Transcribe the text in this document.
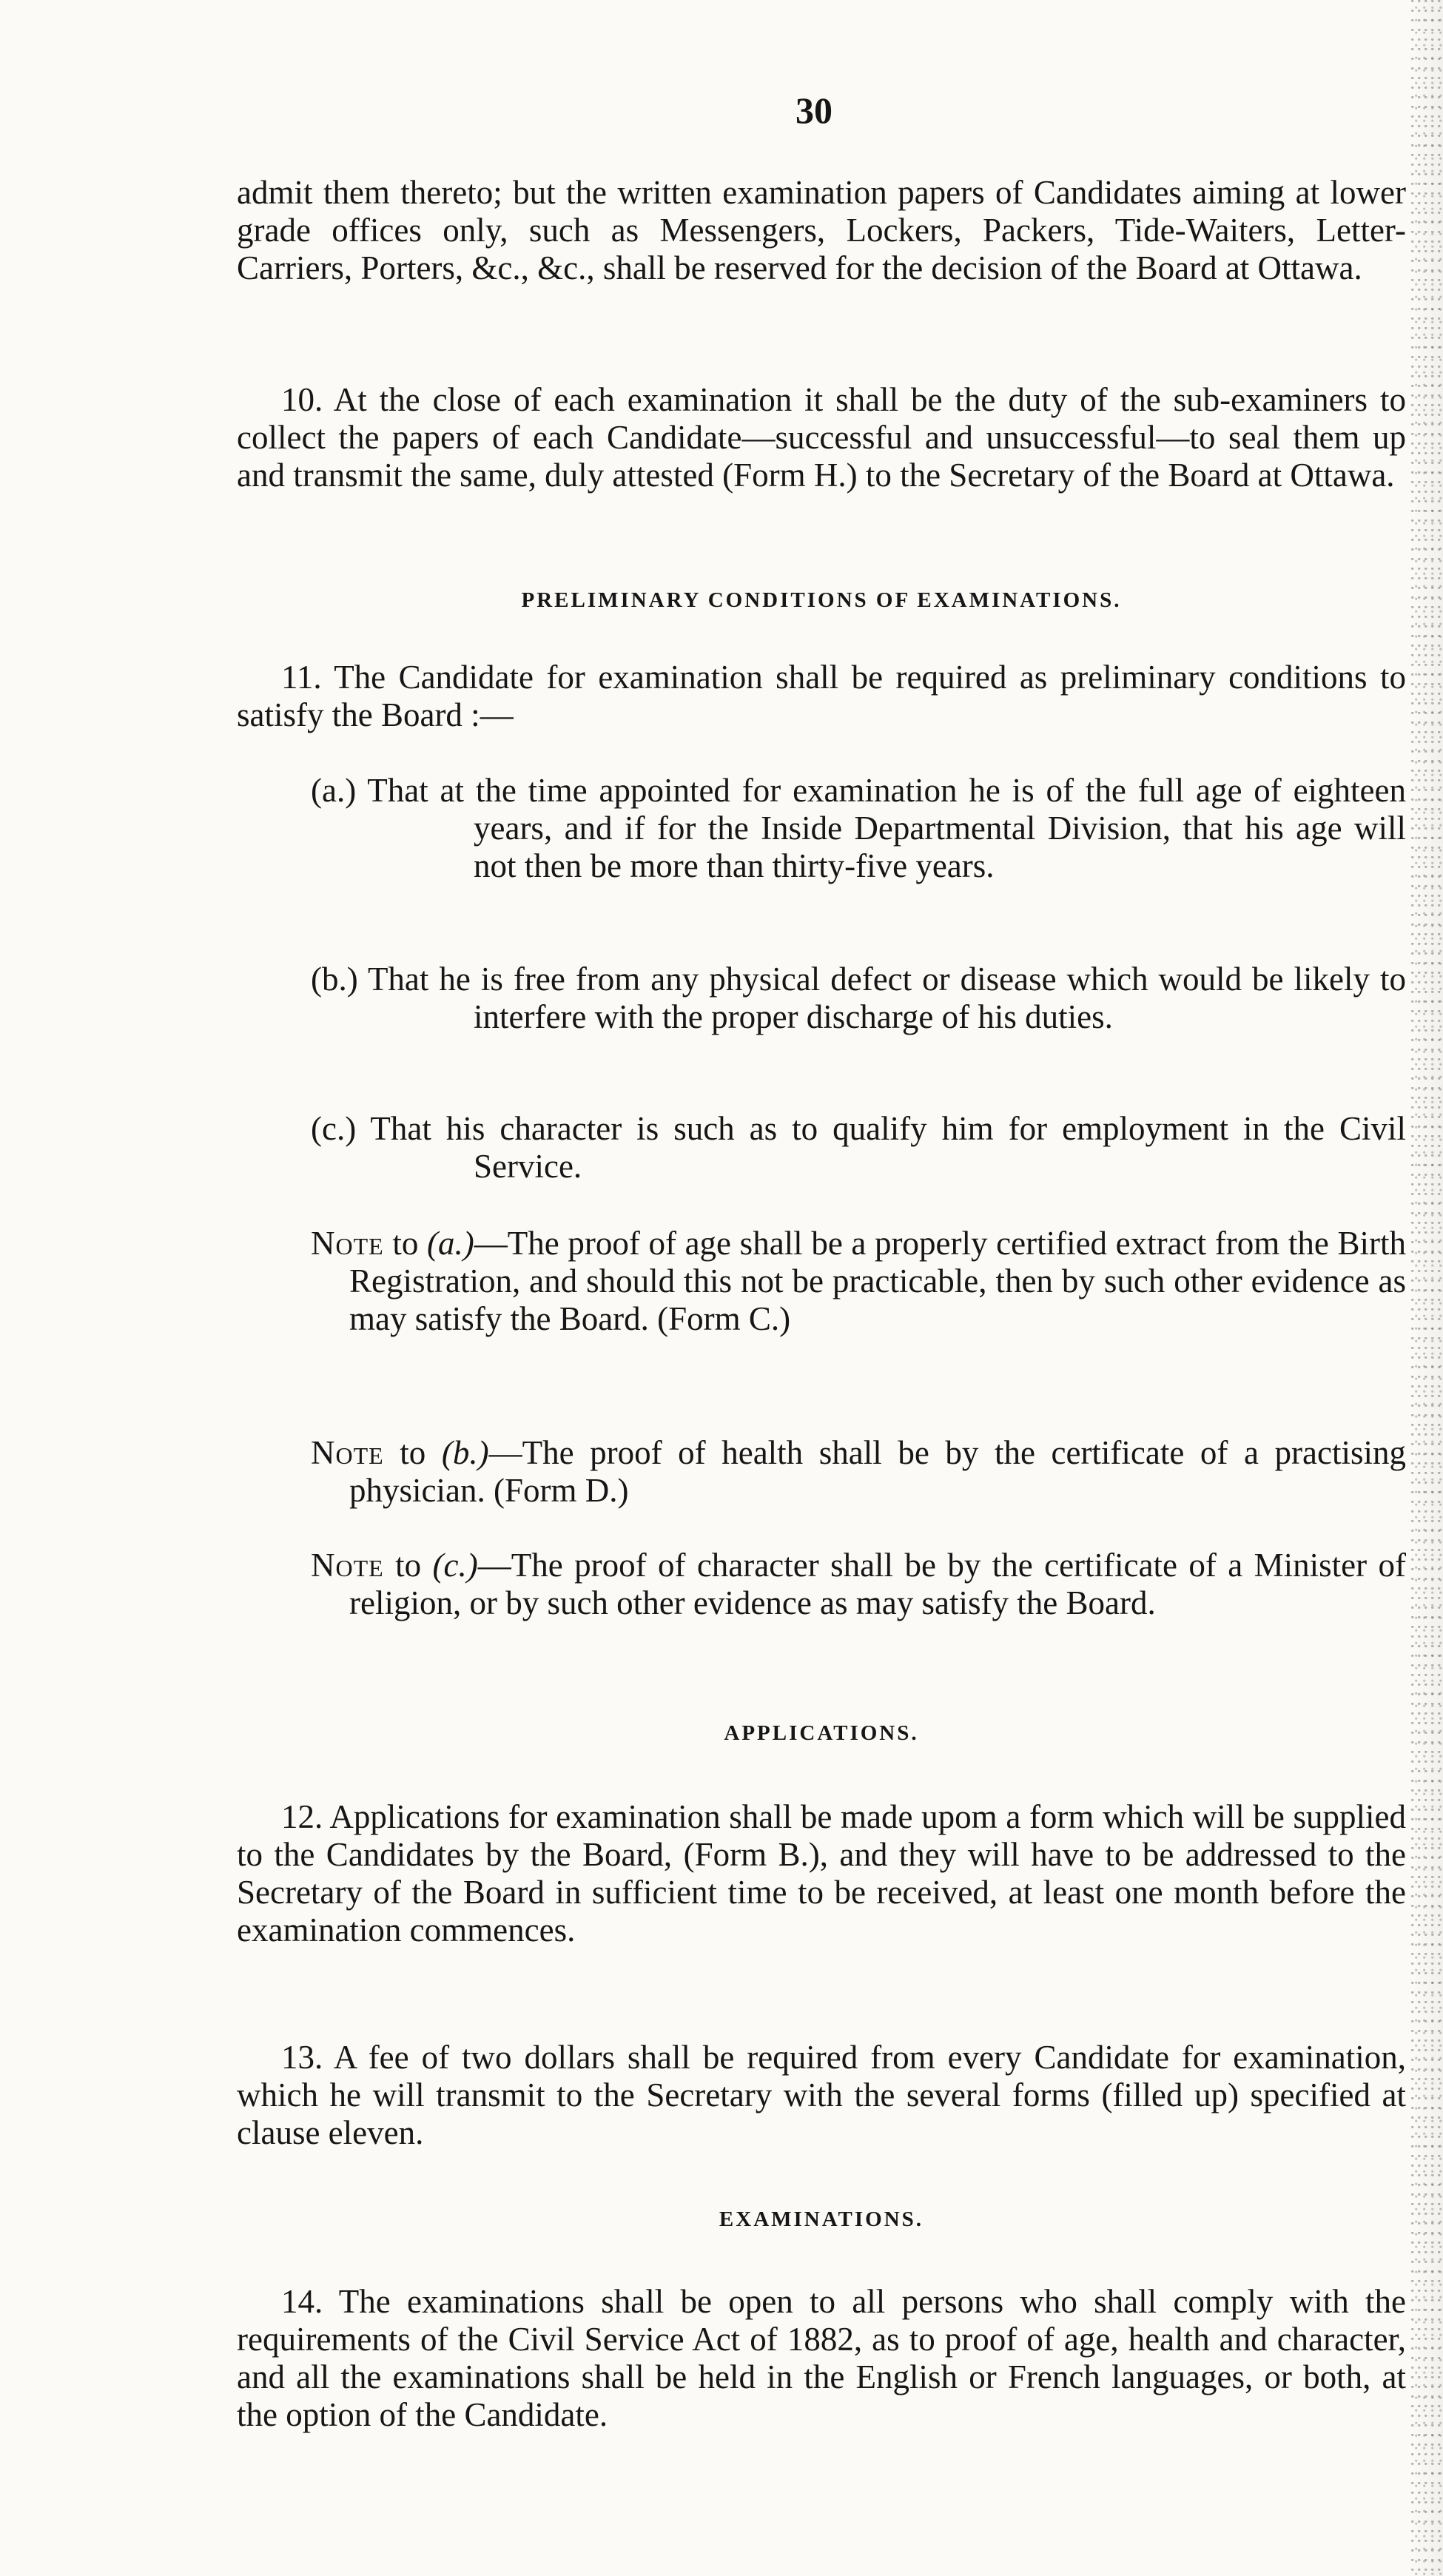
30

admit them thereto; but the written examination papers of Candidates aiming at lower grade offices only, such as Messengers, Lockers, Packers, Tide-Waiters, Letter-Carriers, Porters, &c., &c., shall be reserved for the decision of the Board at Ottawa.

10. At the close of each examination it shall be the duty of the sub-examiners to collect the papers of each Candidate—successful and unsuccessful—to seal them up and transmit the same, duly attested (Form H.) to the Secretary of the Board at Ottawa.

PRELIMINARY CONDITIONS OF EXAMINATIONS.

11. The Candidate for examination shall be required as preliminary conditions to satisfy the Board :—

(a.) That at the time appointed for examination he is of the full age of eighteen years, and if for the Inside Departmental Division, that his age will not then be more than thirty-five years.

(b.) That he is free from any physical defect or disease which would be likely to interfere with the proper discharge of his duties.

(c.) That his character is such as to qualify him for employment in the Civil Service.

Note to (a.)—The proof of age shall be a properly certified extract from the Birth Registration, and should this not be practicable, then by such other evidence as may satisfy the Board. (Form C.)

Note to (b.)—The proof of health shall be by the certificate of a practising physician. (Form D.)

Note to (c.)—The proof of character shall be by the certificate of a Minister of religion, or by such other evidence as may satisfy the Board.

APPLICATIONS.

12. Applications for examination shall be made upom a form which will be supplied to the Candidates by the Board, (Form B.), and they will have to be addressed to the Secretary of the Board in sufficient time to be received, at least one month before the examination commences.

13. A fee of two dollars shall be required from every Candidate for examination, which he will transmit to the Secretary with the several forms (filled up) specified at clause eleven.

EXAMINATIONS.

14. The examinations shall be open to all persons who shall comply with the requirements of the Civil Service Act of 1882, as to proof of age, health and character, and all the examinations shall be held in the English or French languages, or both, at the option of the Candidate.
